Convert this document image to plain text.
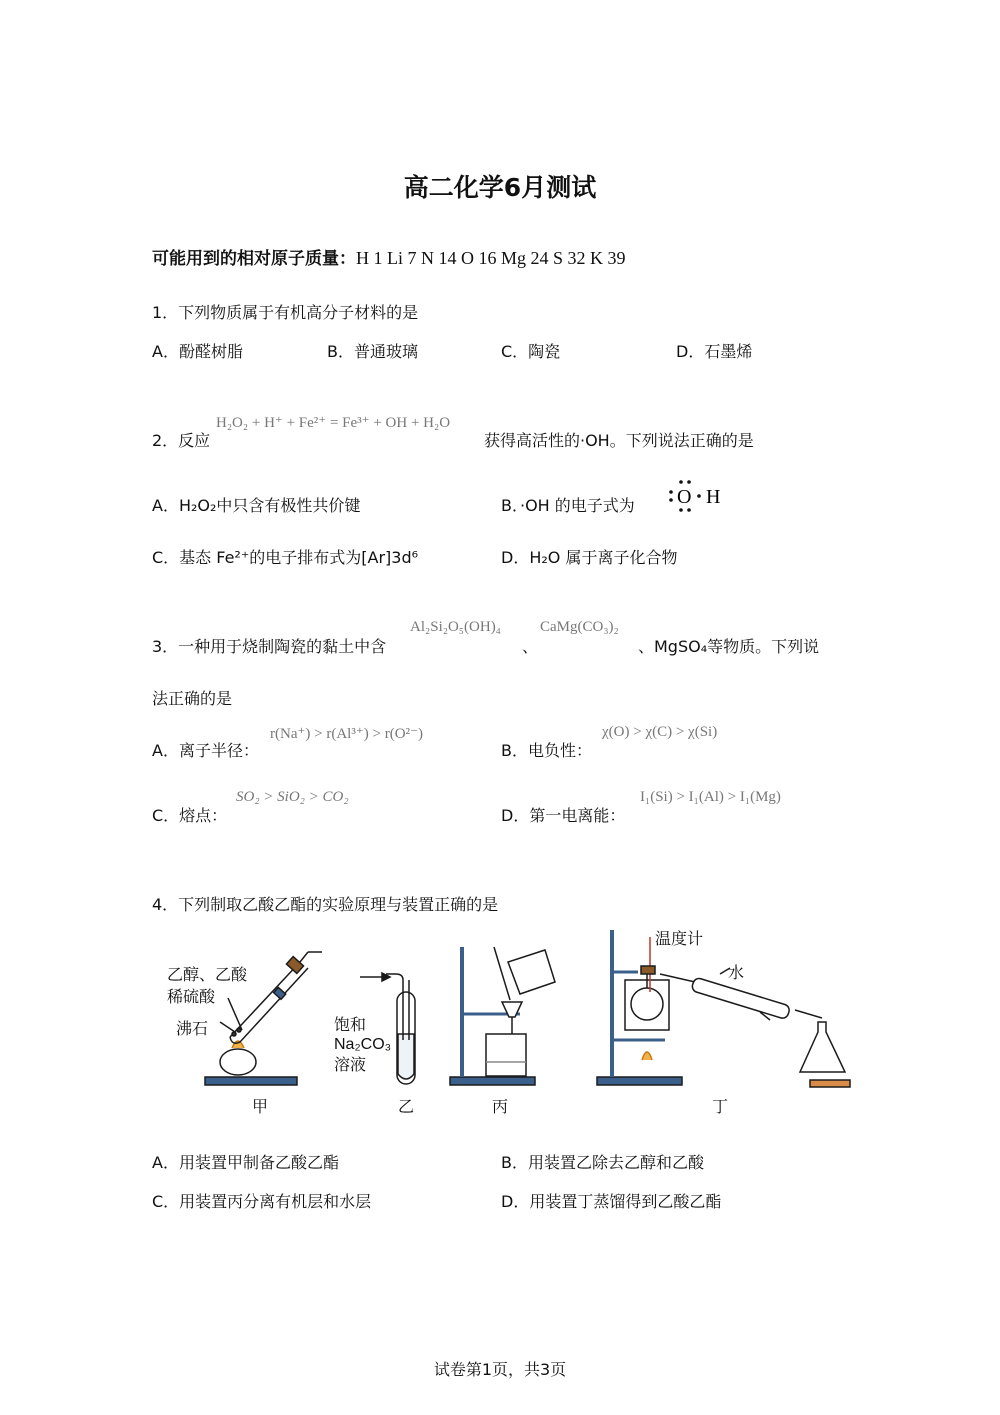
高二化学6月测试
可能用到的相对原子质量：H 1 Li 7 N 14 O 16 Mg 24 S 32 K 39
1．下列物质属于有机高分子材料的是
A．酚醛树脂	B．普通玻璃	C．陶瓷	D．石墨烯
2．反应
H₂O₂ + H⁺ + Fe²⁺ = Fe³⁺ + OH + H₂O
获得高活性的·OH。下列说法正确的是
A．H₂O₂中只含有极性共价键	B．·OH 的电子式为 O H
C．基态 Fe²⁺的电子排布式为[Ar]3d⁶	D．H₂O 属于离子化合物
3．一种用于烧制陶瓷的黏土中含
Al₂Si₂O₅(OH)₄
、
CaMg(CO₃)₂
、MgSO₄等物质。下列说
法正确的是
A．离子半径：
r(Na⁺) > r(Al³⁺) > r(O²⁻)
B．电负性：
χ(O) > χ(C) > χ(Si)
C．熔点：
SO₂ > SiO₂ > CO₂
D．第一电离能：
I₁(Si) > I₁(Al) > I₁(Mg)
4．下列制取乙酸乙酯的实验原理与装置正确的是
乙醇、乙酸
稀硫酸
沸石	饱和
Na₂CO₃
溶液
温度计
水
甲	乙	丙	丁
A．用装置甲制备乙酸乙酯	B．用装置乙除去乙醇和乙酸
C．用装置丙分离有机层和水层	D．用装置丁蒸馏得到乙酸乙酯
试卷第1页，共3页
